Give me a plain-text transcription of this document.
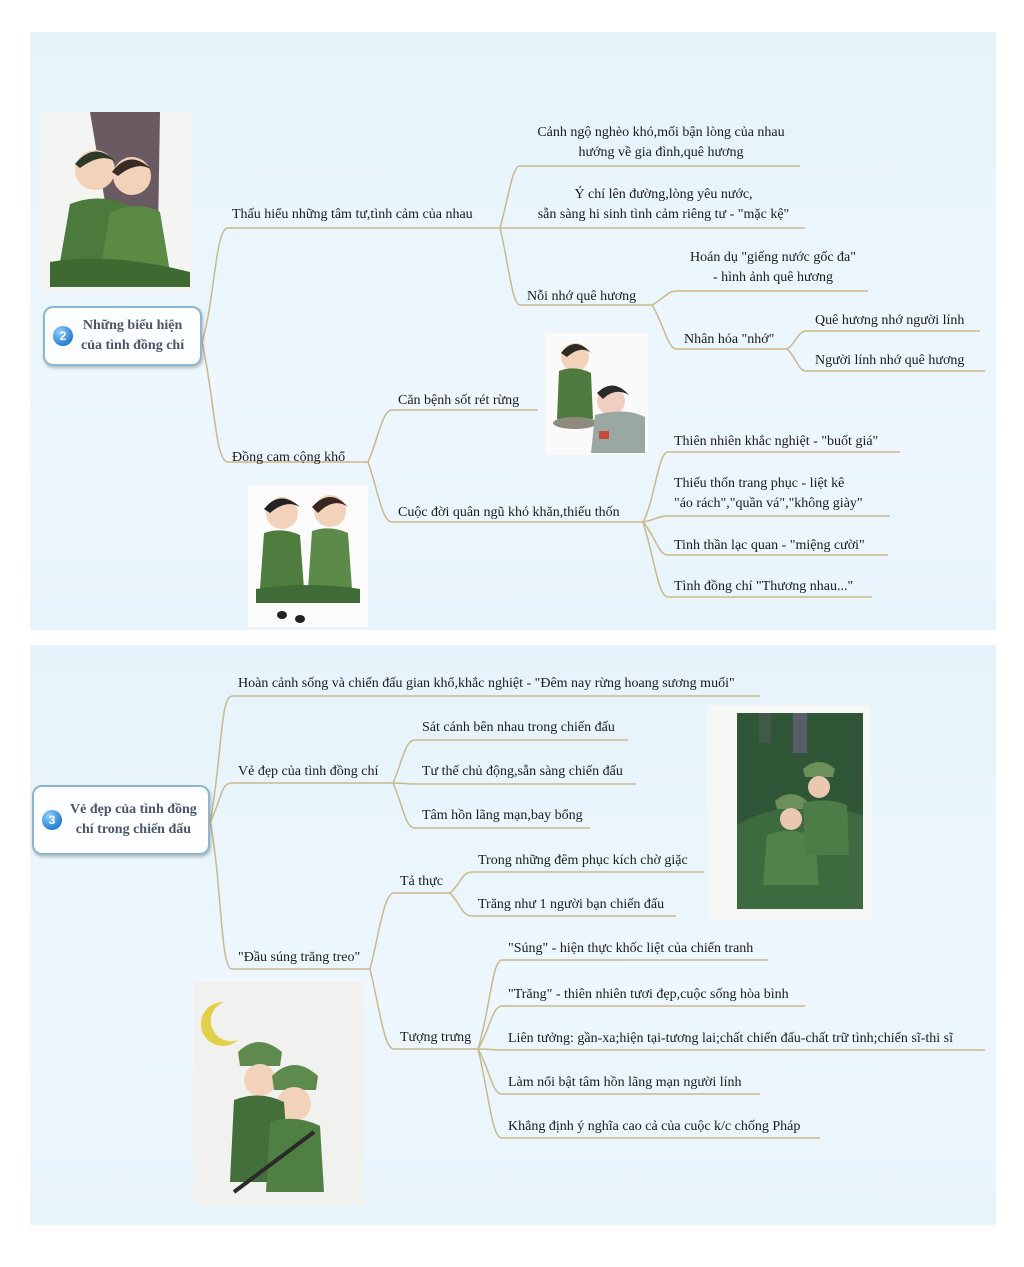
2
Những biểu hiện
của tình đồng chí
Thấu hiểu những tâm tư,tình cảm của nhau
Cảnh ngộ nghèo khó,mối bận lòng của nhau
hướng về gia đình,quê hương
Ý chí lên đường,lòng yêu nước,
sẵn sàng hi sinh tình cảm riêng tư - "mặc kệ"
Nỗi nhớ quê hương
Hoán dụ "giếng nước gốc đa"
- hình ảnh quê hương
Nhân hóa "nhớ"
Quê hương nhớ người lính
Người lính nhớ quê hương
Đồng cam cộng khổ
Căn bệnh sốt rét rừng
Cuộc đời quân ngũ khó khăn,thiếu thốn
Thiên nhiên khắc nghiệt - "buốt giá"
Thiếu thốn trang phục - liệt kê
"áo rách","quần vá","không giày"
Tinh thần lạc quan - "miệng cười"
Tình đồng chí "Thương nhau..."
3
Vẻ đẹp của tình đồng
chí trong chiến đấu
Hoàn cảnh sống và chiến đấu gian khổ,khắc nghiệt - "Đêm nay rừng hoang sương muối"
Vẻ đẹp của tình đồng chí
Sát cánh bên nhau trong chiến đấu
Tư thế chủ động,sẵn sàng chiến đấu
Tâm hồn lãng mạn,bay bổng
"Đầu súng trăng treo"
Tả thực
Trong những đêm phục kích chờ giặc
Trăng như 1 người bạn chiến đấu
Tượng trưng
"Súng" - hiện thực khốc liệt của chiến tranh
"Trăng" - thiên nhiên tươi đẹp,cuộc sống hòa bình
Liên tưởng: gần-xa;hiện tại-tương lai;chất chiến đấu-chất trữ tình;chiến sĩ-thi sĩ
Làm nổi bật tâm hồn lãng mạn người lính
Khẳng định ý nghĩa cao cả của cuộc k/c chống Pháp
